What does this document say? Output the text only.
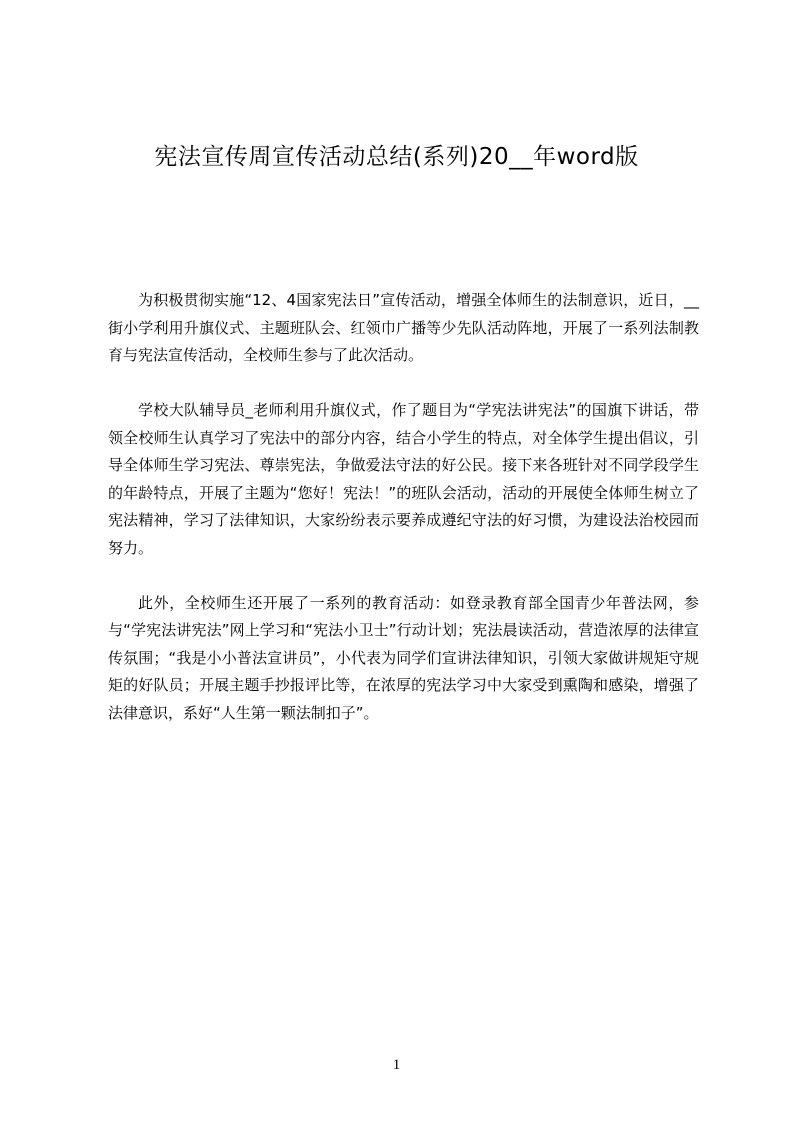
宪法宣传周宣传活动总结(系列)20__年word版

为积极贯彻实施“12、4国家宪法日”宣传活动，增强全体师生的法制意识，近日，__街小学利用升旗仪式、主题班队会、红领巾广播等少先队活动阵地，开展了一系列法制教育与宪法宣传活动，全校师生参与了此次活动。

学校大队辅导员_老师利用升旗仪式，作了题目为“学宪法讲宪法”的国旗下讲话，带领全校师生认真学习了宪法中的部分内容，结合小学生的特点，对全体学生提出倡议，引导全体师生学习宪法、尊崇宪法，争做爱法守法的好公民。接下来各班针对不同学段学生的年龄特点，开展了主题为“您好！宪法！”的班队会活动，活动的开展使全体师生树立了宪法精神，学习了法律知识，大家纷纷表示要养成遵纪守法的好习惯，为建设法治校园而努力。

此外，全校师生还开展了一系列的教育活动：如登录教育部全国青少年普法网，参与“学宪法讲宪法”网上学习和“宪法小卫士”行动计划；宪法晨读活动，营造浓厚的法律宣传氛围；“我是小小普法宣讲员”，小代表为同学们宣讲法律知识，引领大家做讲规矩守规矩的好队员；开展主题手抄报评比等，在浓厚的宪法学习中大家受到熏陶和感染，增强了法律意识，系好“人生第一颗法制扣子”。

1
